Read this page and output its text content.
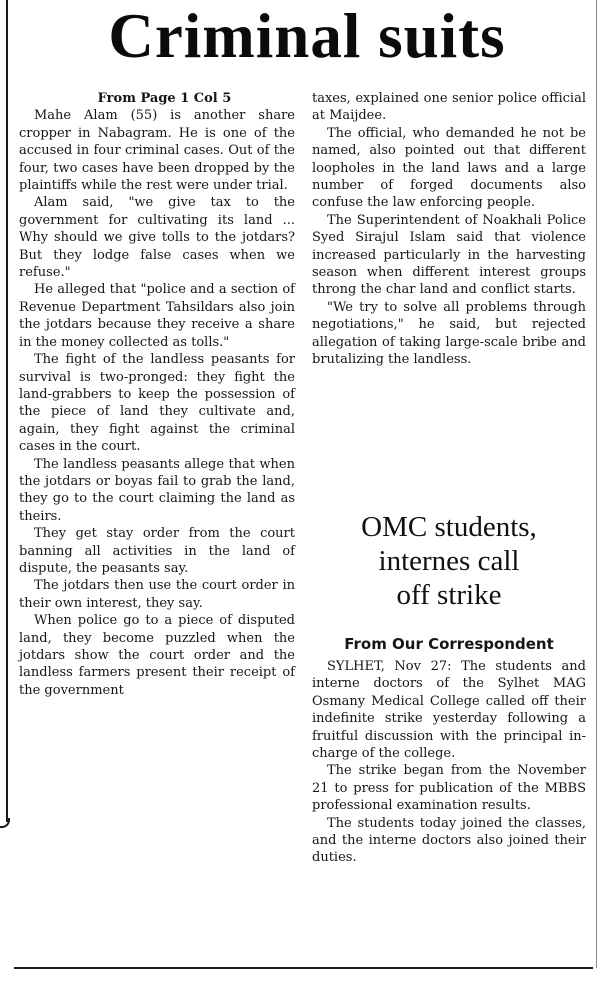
Criminal suits

From Page 1 Col 5

Mahe Alam (55) is another share cropper in Nabagram. He is one of the accused in four criminal cases. Out of the four, two cases have been dropped by the plaintiffs while the rest were under trial.

Alam said, "we give tax to the government for cultivating its land ... Why should we give tolls to the jotdars? But they lodge false cases when we refuse."

He alleged that "police and a section of Revenue Department Tahsildars also join the jotdars because they receive a share in the money collected as tolls."

The fight of the landless peasants for survival is two-pronged: they fight the land-grabbers to keep the possession of the piece of land they cultivate and, again, they fight against the criminal cases in the court.

The landless peasants allege that when the jotdars or boyas fail to grab the land, they go to the court claiming the land as theirs.

They get stay order from the court banning all activities in the land of dispute, the peasants say.

The jotdars then use the court order in their own interest, they say.

When police go to a piece of disputed land, they become puzzled when the jotdars show the court order and the landless farmers present their receipt of the government

taxes, explained one senior police official at Maijdee.

The official, who demanded he not be named, also pointed out that different loopholes in the land laws and a large number of forged documents also confuse the law enforcing people.

The Superintendent of Noakhali Police Syed Sirajul Islam said that violence increased particularly in the harvesting season when different interest groups throng the char land and conflict starts.

"We try to solve all problems through negotiations," he said, but rejected allegation of taking large-scale bribe and brutalizing the landless.

OMC students,
internes call
off strike
From Our Correspondent

SYLHET, Nov 27: The students and interne doctors of the Sylhet MAG Osmany Medical College called off their indefinite strike yesterday following a fruitful discussion with the principal in-charge of the college.

The strike began from the November 21 to press for publication of the MBBS professional examination results.

The students today joined the classes, and the interne doctors also joined their duties.
